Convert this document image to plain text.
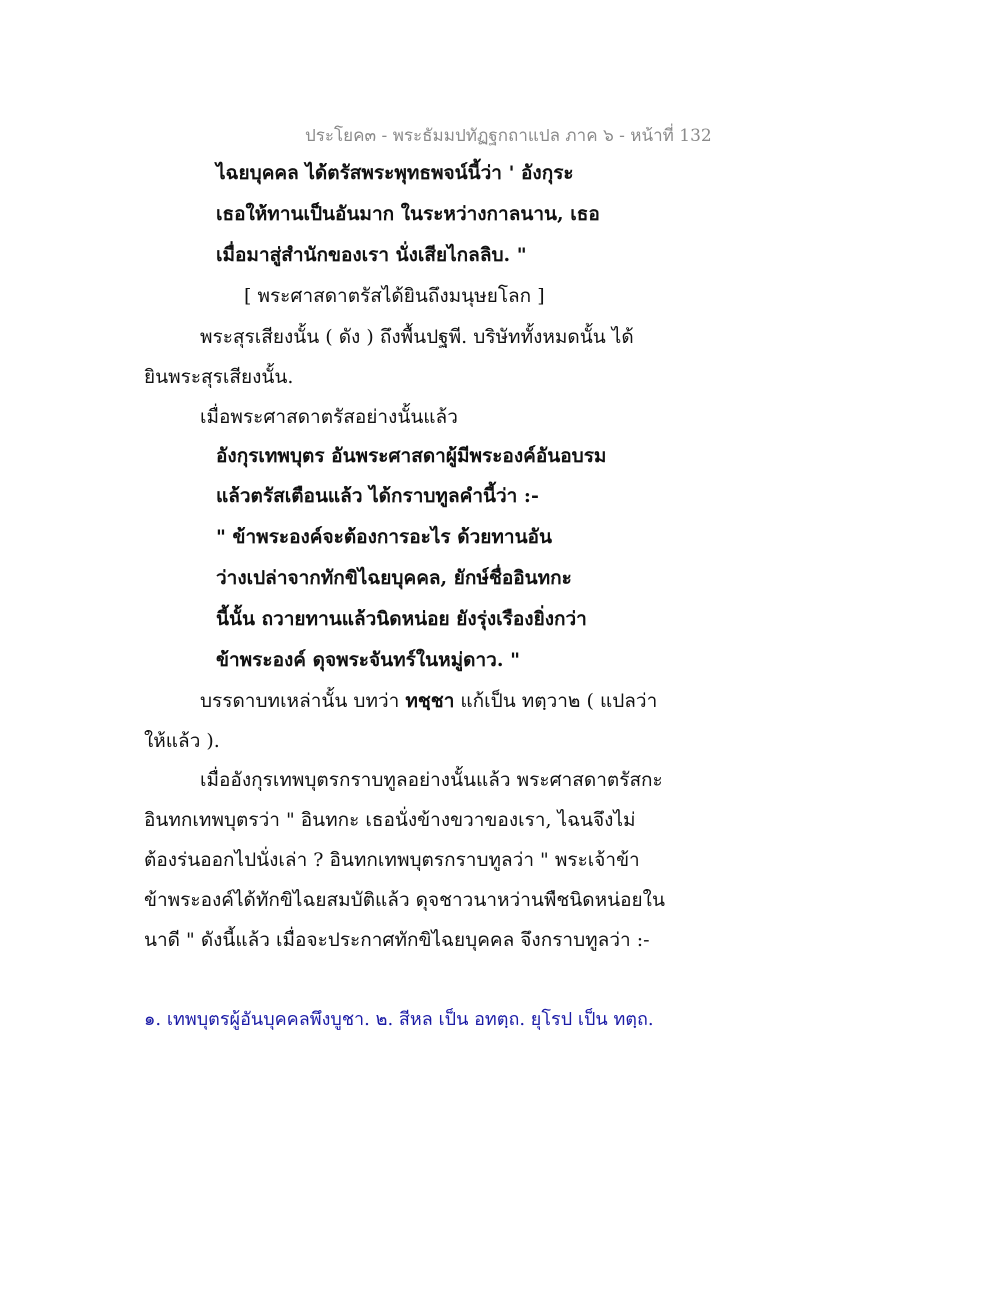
ประโยค๓ - พระธัมมปทัฏฐกถาแปล ภาค ๖ - หน้าที่ 132
ไฉยบุคคล ได้ตรัสพระพุทธพจน์นี้ว่า ' อังกุระ
เธอให้ทานเป็นอันมาก ในระหว่างกาลนาน, เธอ
เมื่อมาสู่สำนักของเรา นั่งเสียไกลลิบ. "
[ พระศาสดาตรัสได้ยินถึงมนุษยโลก ]
พระสุรเสียงนั้น ( ดัง ) ถึงพื้นปฐพี. บริษัททั้งหมดนั้น ได้
ยินพระสุรเสียงนั้น.
เมื่อพระศาสดาตรัสอย่างนั้นแล้ว
อังกุรเทพบุตร อันพระศาสดาผู้มีพระองค์อันอบรม
แล้วตรัสเตือนแล้ว ได้กราบทูลคำนี้ว่า :-
" ข้าพระองค์จะต้องการอะไร ด้วยทานอัน
ว่างเปล่าจากทักขิไฉยบุคคล, ยักษ์ชื่ออินทกะ
นี้นั้น ถวายทานแล้วนิดหน่อย ยังรุ่งเรืองยิ่งกว่า
ข้าพระองค์ ดุจพระจันทร์ในหมู่ดาว. "
บรรดาบทเหล่านั้น บทว่า ทชฺชา แก้เป็น ทตฺวา๒ ( แปลว่า
ให้แล้ว ).
เมื่ออังกุรเทพบุตรกราบทูลอย่างนั้นแล้ว พระศาสดาตรัสกะ
อินทกเทพบุตรว่า " อินทกะ เธอนั่งข้างขวาของเรา, ไฉนจึงไม่
ต้องร่นออกไปนั่งเล่า ? อินทกเทพบุตรกราบทูลว่า " พระเจ้าข้า
ข้าพระองค์ได้ทักขิไฉยสมบัติแล้ว ดุจชาวนาหว่านพืชนิดหน่อยใน
นาดี " ดังนี้แล้ว เมื่อจะประกาศทักขิไฉยบุคคล จึงกราบทูลว่า :-
๑. เทพบุตรผู้อันบุคคลพึงบูชา. ๒. สีหล เป็น อทตฺถ. ยุโรป เป็น ทตฺถ.
